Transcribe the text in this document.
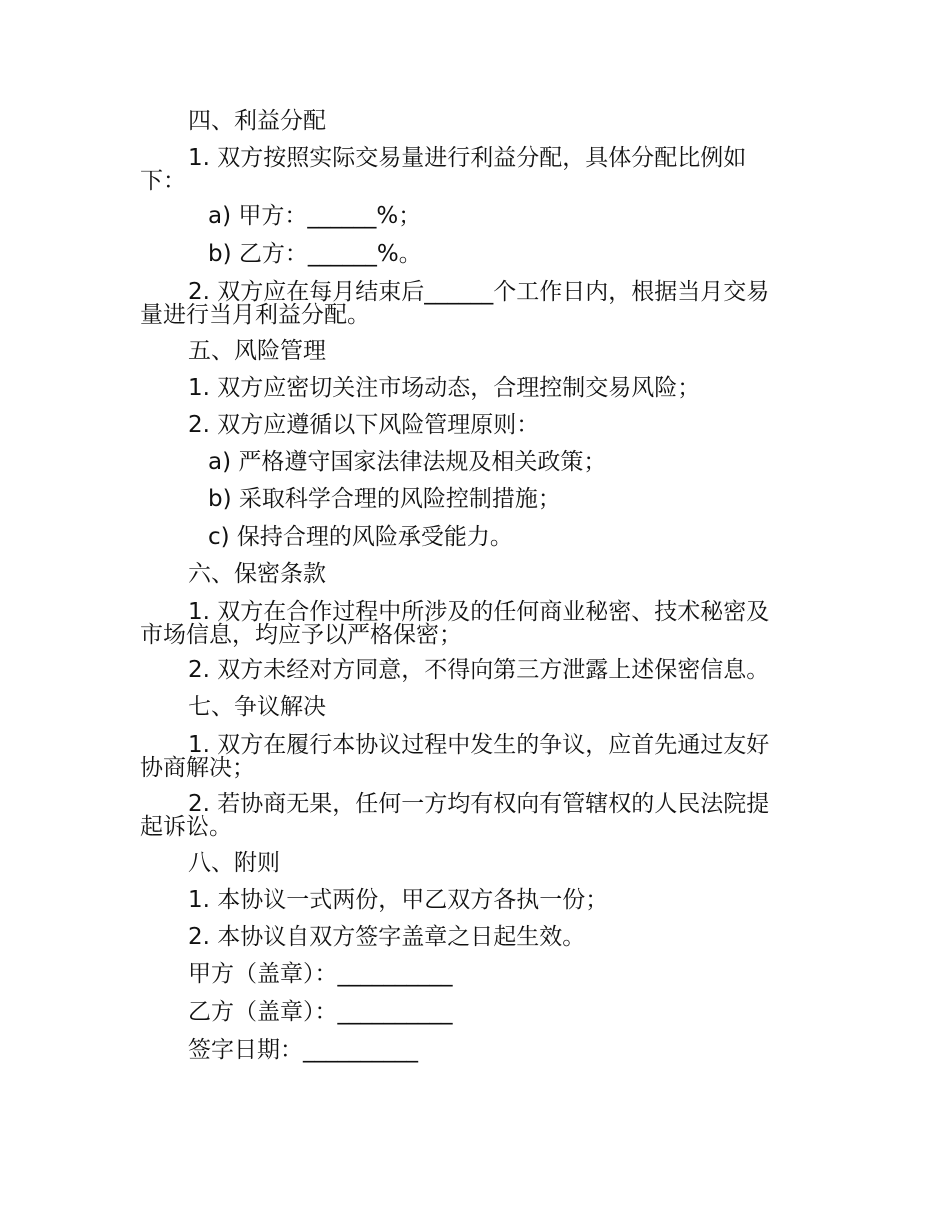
四、利益分配
1. 双方按照实际交易量进行利益分配，具体分配比例如
下：
a) 甲方：______%；
b) 乙方：______%。
2. 双方应在每月结束后______个工作日内，根据当月交易
量进行当月利益分配。
五、风险管理
1. 双方应密切关注市场动态，合理控制交易风险；
2. 双方应遵循以下风险管理原则：
a) 严格遵守国家法律法规及相关政策；
b) 采取科学合理的风险控制措施；
c) 保持合理的风险承受能力。
六、保密条款
1. 双方在合作过程中所涉及的任何商业秘密、技术秘密及
市场信息，均应予以严格保密；
2. 双方未经对方同意，不得向第三方泄露上述保密信息。
七、争议解决
1. 双方在履行本协议过程中发生的争议，应首先通过友好
协商解决；
2. 若协商无果，任何一方均有权向有管辖权的人民法院提
起诉讼。
八、附则
1. 本协议一式两份，甲乙双方各执一份；
2. 本协议自双方签字盖章之日起生效。
甲方（盖章）：__________
乙方（盖章）：__________
签字日期：__________
